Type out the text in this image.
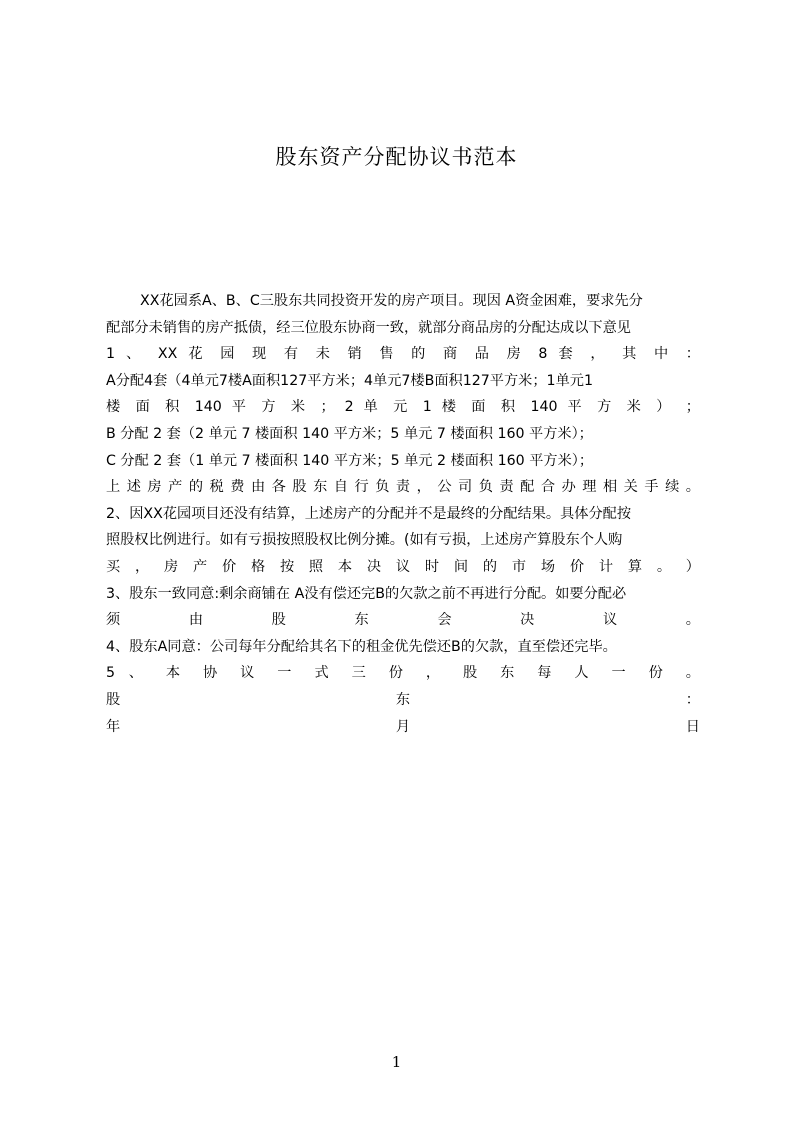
股东资产分配协议书范本
XX花园系A、B、C三股东共同投资开发的房产项目。现因 A资金困难，要求先分
配部分未销售的房产抵债，经三位股东协商一致，就部分商品房的分配达成以下意见
1 、 XX 花 园 现 有 未 销 售 的 商 品 房 8 套 ， 其 中 ：
A分配4套（4单元7楼A面积127平方米；4单元7楼B面积127平方米；1单元1
楼 面 积 140 平 方 米 ； 2 单 元 1 楼 面 积 140 平 方 米 ） ；
B 分配 2 套（2 单元 7 楼面积 140 平方米；5 单元 7 楼面积 160 平方米）；
C 分配 2 套（1 单元 7 楼面积 140 平方米；5 单元 2 楼面积 160 平方米）；
上 述 房 产 的 税 费 由 各 股 东 自 行 负 责 ， 公 司 负 责 配 合 办 理 相 关 手 续 。
2、因XX花园项目还没有结算，上述房产的分配并不是最终的分配结果。具体分配按
照股权比例进行。如有亏损按照股权比例分摊。(如有亏损，上述房产算股东个人购
买 ， 房 产 价 格 按 照 本 决 议 时 间 的 市 场 价 计 算 。 ）
3、股东一致同意:剩余商铺在 A没有偿还完B的欠款之前不再进行分配。如要分配必
须 由 股 东 会 决 议 。
4、股东A同意：公司每年分配给其名下的租金优先偿还B的欠款，直至偿还完毕。
5 、 本 协 议 一 式 三 份 ， 股 东 每 人 一 份 。
股 东 ：
年 月 日
1
